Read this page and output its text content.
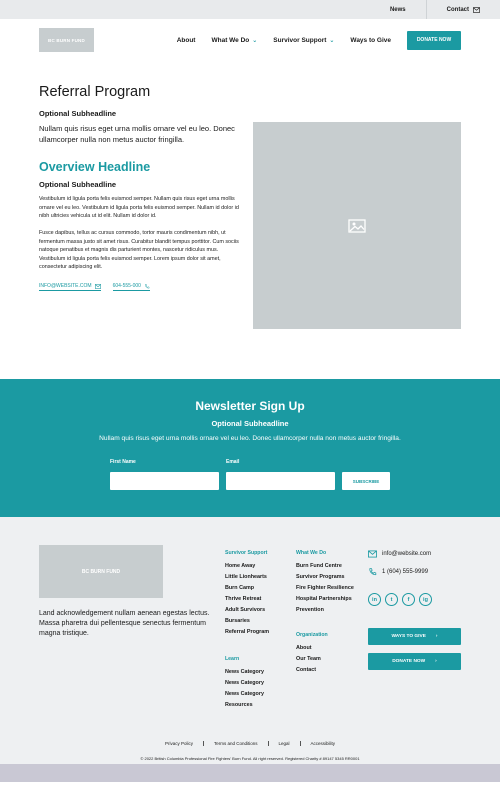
News	Contact
BC BURN FUND	About What We Do ⌄ Survivor Support ⌄ Ways to Give	DONATE NOW
Referral Program
Optional Subheadline

Nullam quis risus eget urna mollis ornare vel eu leo. Donec ullamcorper nulla non metus auctor fringilla.

Overview Headline
Optional Subheadline

Vestibulum id ligula porta felis euismod semper. Nullam quis risus eget urna mollis ornare vel eu leo. Vestibulum id ligula porta felis euismod semper. Nullam id dolor id nibh ultricies vehicula ut id elit. Nullam id dolor id.

Fusce dapibus, tellus ac cursus commodo, tortor mauris condimentum nibh, ut fermentum massa justo sit amet risus. Curabitur blandit tempus porttitor. Cum sociis natoque penatibus et magnis dis parturient montes, nascetur ridiculus mus. Vestibulum id ligula porta felis euismod semper. Lorem ipsum dolor sit amet, consectetur adipiscing elit.

INFO@WEBSITE.COM	604-555-000
Newsletter Sign Up
Optional Subheadline
Nullam quis risus eget urna mollis ornare vel eu leo. Donec ullamcorper nulla non metus auctor fringilla.
First Name	Email
SUBSCRIBE
BC BURN FUND

Land acknowledgement nullam aenean egestas lectus. Massa pharetra dui pellentesque senectus fermentum magna tristique.

Survivor Support
Home Away
Little Lionhearts
Burn Camp
Thrive Retreat
Adult Survivors
Bursaries
Referral Program
Learn
News Category
News Category
News Category
Resources
What We Do
Burn Fund Centre
Survivor Programs
Fire Fighter Resilience
Hospital Partnerships
Prevention
Organization
About
Our Team
Contact
info@website.com
1 (604) 555-9999
in	t	f	ig
WAYS TO GIVE ›
DONATE NOW ›
Privacy Policy	Terms and Conditions	Legal	Accessibility
© 2022 British Columbia Professional Fire Fighters' Burn Fund. All right reserved. Registered Charity # 89147 5345 RR0001
